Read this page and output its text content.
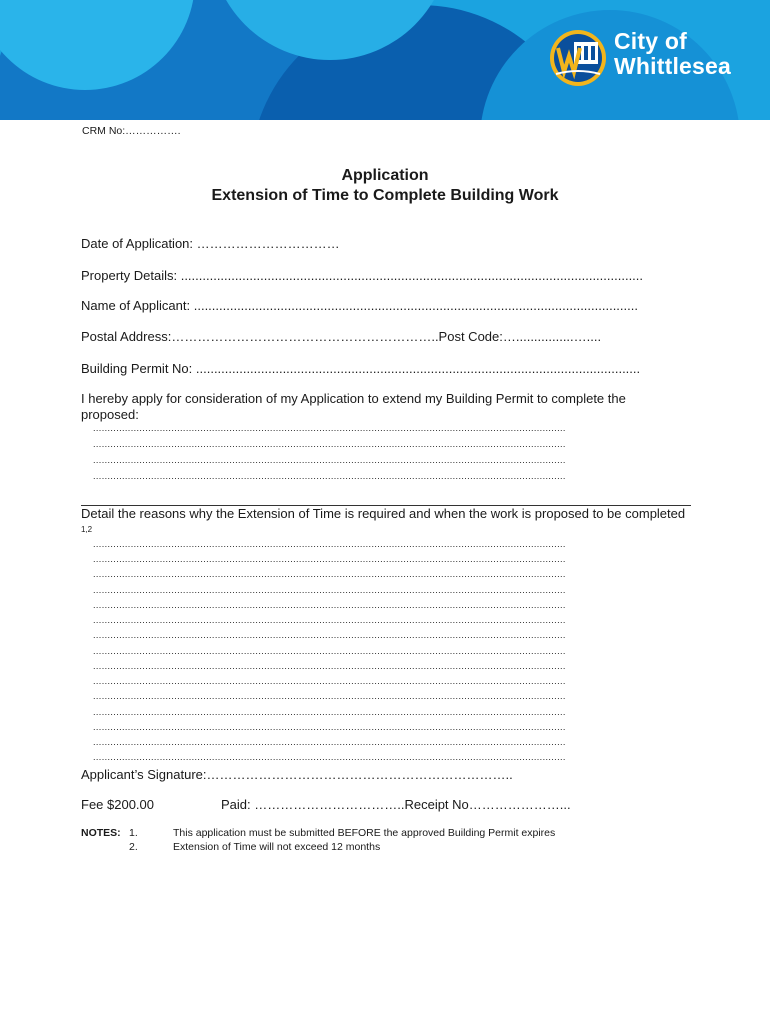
City of
Whittlesea
CRM No:…………….
Application
Extension of Time to Complete Building Work
Date of Application: ……………………………
Property Details: ................................................................................................................................
Name of Applicant: ...........................................................................................................................
Postal Address:……………………………………………………..Post Code:…................…....
Building Permit No: ...........................................................................................................................
I hereby apply for consideration of my Application to extend my Building Permit to complete the proposed:
...................................................................................................................................................................
...................................................................................................................................................................
...................................................................................................................................................................
...................................................................................................................................................................
Detail the reasons why the Extension of Time is required and when the work is proposed to be completed $^{1,2}$
...................................................................................................................................................................
...................................................................................................................................................................
...................................................................................................................................................................
...................................................................................................................................................................
...................................................................................................................................................................
...................................................................................................................................................................
...................................................................................................................................................................
...................................................................................................................................................................
...................................................................................................................................................................
...................................................................................................................................................................
...................................................................................................................................................................
...................................................................................................................................................................
...................................................................................................................................................................
...................................................................................................................................................................
...................................................................................................................................................................
Applicant’s Signature:……………………………………………………………..
Fee $200.00	Paid: ……………………………..Receipt No…………………...
NOTES: 1.	This application must be submitted BEFORE the approved Building Permit expires
2.	Extension of Time will not exceed 12 months
